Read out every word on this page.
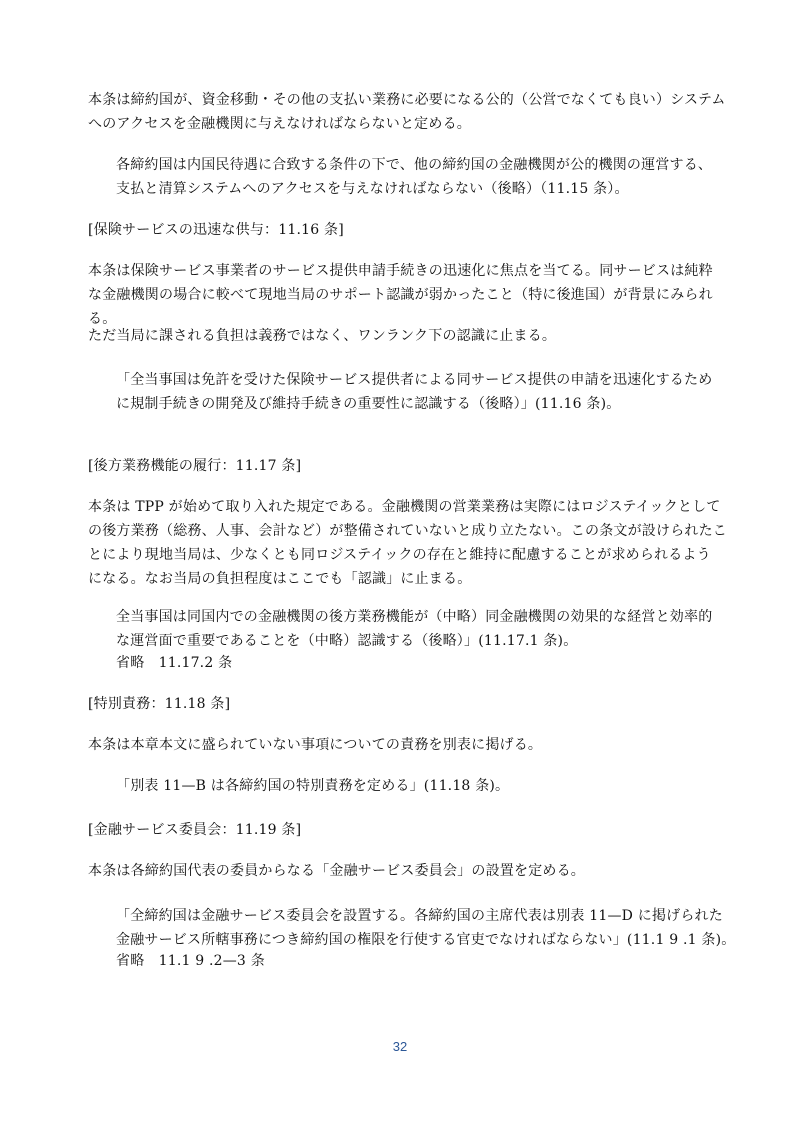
本条は締約国が、資金移動・その他の支払い業務に必要になる公的（公営でなくても良い）システム
へのアクセスを金融機関に与えなければならないと定める。
各締約国は内国民待遇に合致する条件の下で、他の締約国の金融機関が公的機関の運営する、
支払と清算システムへのアクセスを与えなければならない（後略）（11.15 条）。
[保険サービスの迅速な供与：11.16 条]
本条は保険サービス事業者のサービス提供申請手続きの迅速化に焦点を当てる。同サービスは純粋
な金融機関の場合に較べて現地当局のサポート認識が弱かったこと（特に後進国）が背景にみられ
る。
ただ当局に課される負担は義務ではなく、ワンランク下の認識に止まる。
「全当事国は免許を受けた保険サービス提供者による同サービス提供の申請を迅速化するため
に規制手続きの開発及び維持手続きの重要性に認識する（後略）」(11.16 条)。
[後方業務機能の履行：11.17 条]
本条は TPP が始めて取り入れた規定である。金融機関の営業業務は実際にはロジステイックとして
の後方業務（総務、人事、会計など）が整備されていないと成り立たない。この条文が設けられたこ
とにより現地当局は、少なくとも同ロジステイックの存在と維持に配慮することが求められるよう
になる。なお当局の負担程度はここでも「認識」に止まる。
全当事国は同国内での金融機関の後方業務機能が（中略）同金融機関の効果的な経営と効率的
な運営面で重要であることを（中略）認識する（後略）」(11.17.1 条)。
省略　11.17.2 条
[特別責務：11.18 条]
本条は本章本文に盛られていない事項についての責務を別表に掲げる。
「別表 11—B は各締約国の特別責務を定める」(11.18 条)。
[金融サービス委員会：11.19 条]
本条は各締約国代表の委員からなる「金融サービス委員会」の設置を定める。
「全締約国は金融サービス委員会を設置する。各締約国の主席代表は別表 11—D に掲げられた
金融サービス所轄事務につき締約国の権限を行使する官吏でなければならない」(11.1 9 .1 条)。
省略　11.1 9 .2—3 条
32
